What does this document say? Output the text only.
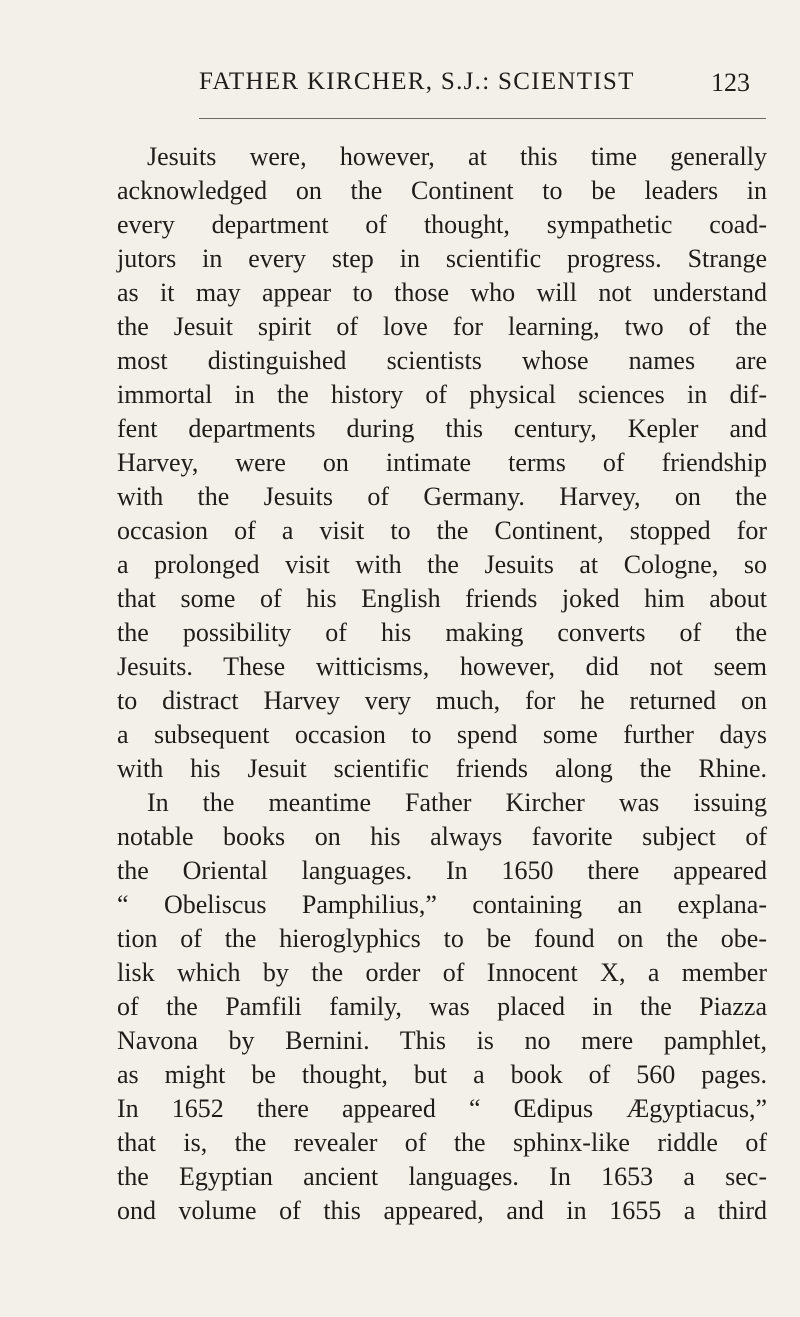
FATHER KIRCHER, S.J.: SCIENTIST	123
Jesuits were, however, at this time generally
acknowledged on the Continent to be leaders in
every department of thought, sympathetic coad-
jutors in every step in scientific progress. Strange
as it may appear to those who will not understand
the Jesuit spirit of love for learning, two of the
most distinguished scientists whose names are
immortal in the history of physical sciences in dif-
fent departments during this century, Kepler and
Harvey, were on intimate terms of friendship
with the Jesuits of Germany. Harvey, on the
occasion of a visit to the Continent, stopped for
a prolonged visit with the Jesuits at Cologne, so
that some of his English friends joked him about
the possibility of his making converts of the
Jesuits. These witticisms, however, did not seem
to distract Harvey very much, for he returned on
a subsequent occasion to spend some further days
with his Jesuit scientific friends along the Rhine.
In the meantime Father Kircher was issuing
notable books on his always favorite subject of
the Oriental languages. In 1650 there appeared
“ Obeliscus Pamphilius,” containing an explana-
tion of the hieroglyphics to be found on the obe-
lisk which by the order of Innocent X, a member
of the Pamfili family, was placed in the Piazza
Navona by Bernini. This is no mere pamphlet,
as might be thought, but a book of 560 pages.
In 1652 there appeared “ Œdipus Ægyptiacus,”
that is, the revealer of the sphinx-like riddle of
the Egyptian ancient languages. In 1653 a sec-
ond volume of this appeared, and in 1655 a third
